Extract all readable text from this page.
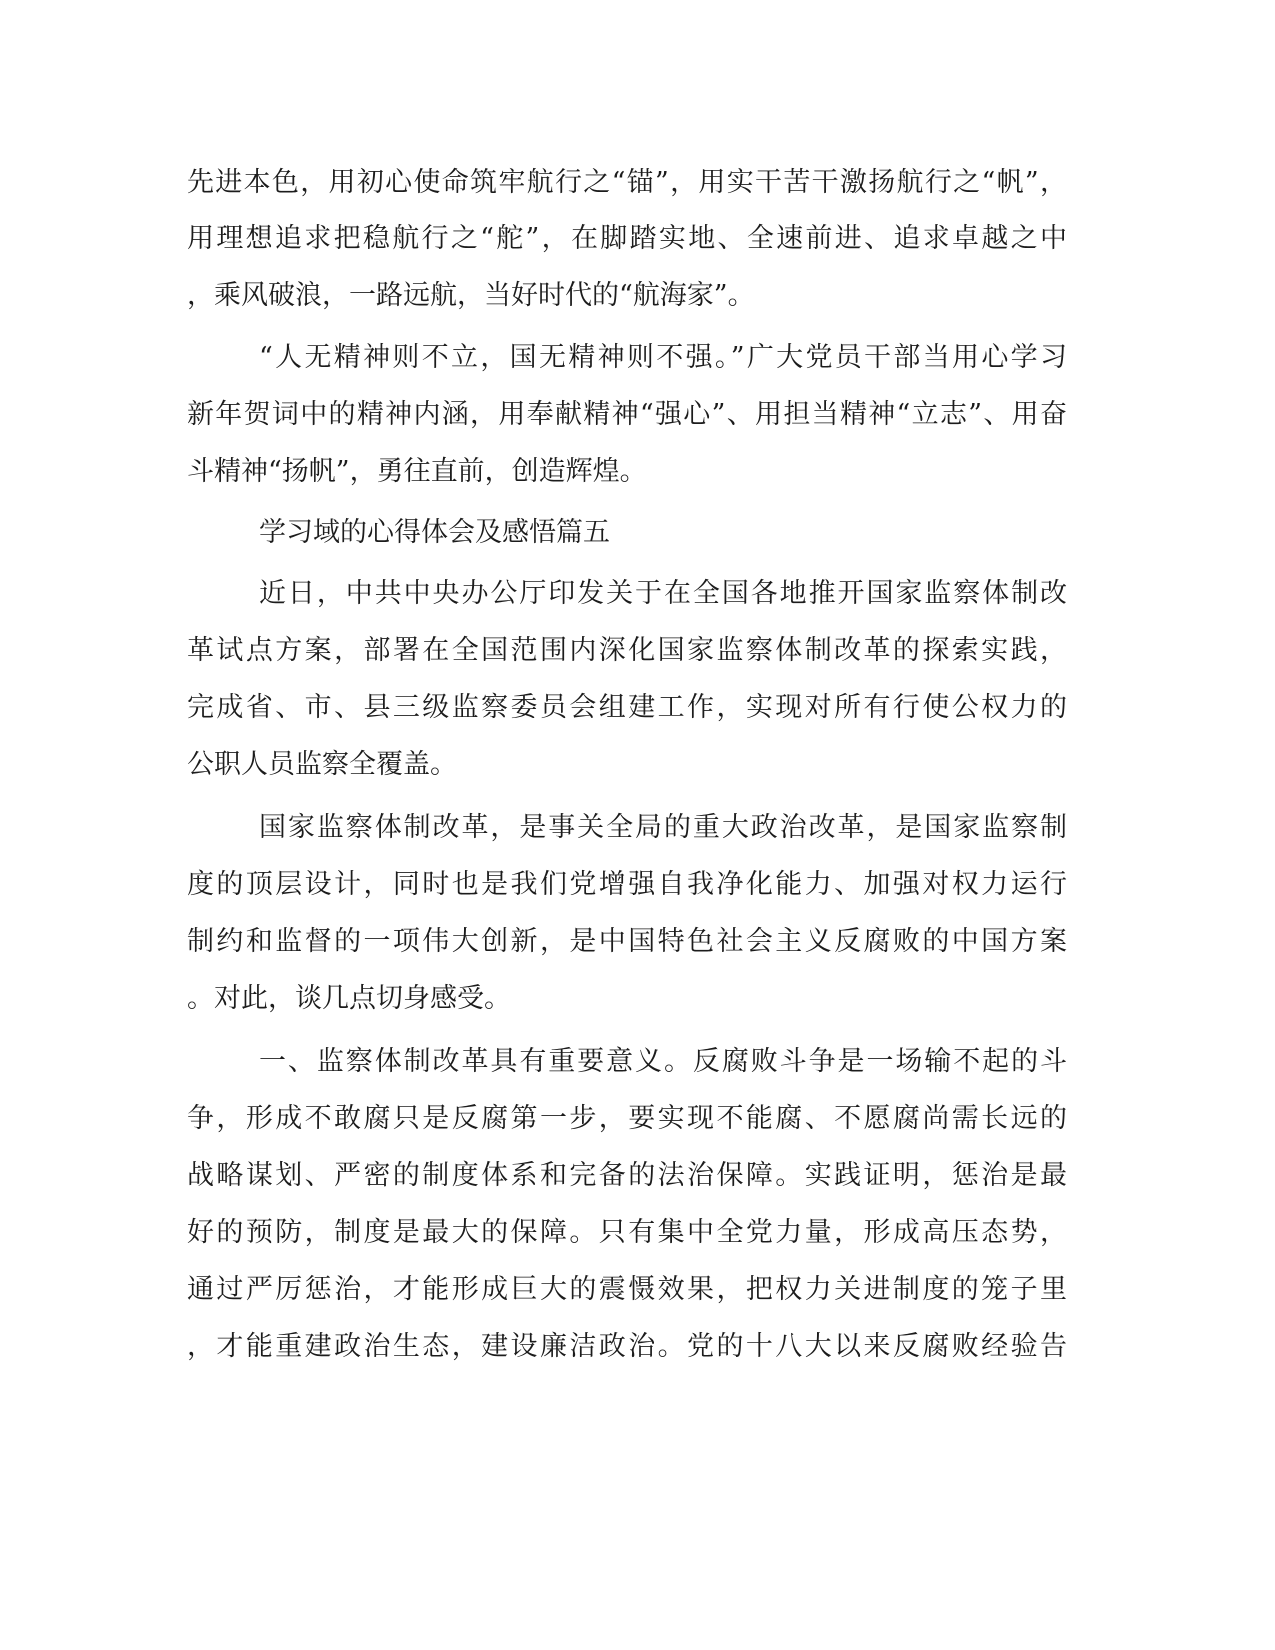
先进本色，用初心使命筑牢航行之“锚”，用实干苦干激扬航行之“帆”，

用理想追求把稳航行之“舵”，在脚踏实地、全速前进、追求卓越之中

，乘风破浪，一路远航，当好时代的“航海家”。

“人无精神则不立，国无精神则不强。”广大党员干部当用心学习

新年贺词中的精神内涵，用奉献精神“强心”、用担当精神“立志”、用奋

斗精神“扬帆”，勇往直前，创造辉煌。

学习域的心得体会及感悟篇五

近日，中共中央办公厅印发关于在全国各地推开国家监察体制改

革试点方案，部署在全国范围内深化国家监察体制改革的探索实践，

完成省、市、县三级监察委员会组建工作，实现对所有行使公权力的

公职人员监察全覆盖。

国家监察体制改革，是事关全局的重大政治改革，是国家监察制

度的顶层设计，同时也是我们党增强自我净化能力、加强对权力运行

制约和监督的一项伟大创新，是中国特色社会主义反腐败的中国方案

。对此，谈几点切身感受。

一、监察体制改革具有重要意义。反腐败斗争是一场输不起的斗

争，形成不敢腐只是反腐第一步，要实现不能腐、不愿腐尚需长远的

战略谋划、严密的制度体系和完备的法治保障。实践证明，惩治是最

好的预防，制度是最大的保障。只有集中全党力量，形成高压态势，

通过严厉惩治，才能形成巨大的震慑效果，把权力关进制度的笼子里

，才能重建政治生态，建设廉洁政治。党的十八大以来反腐败经验告
